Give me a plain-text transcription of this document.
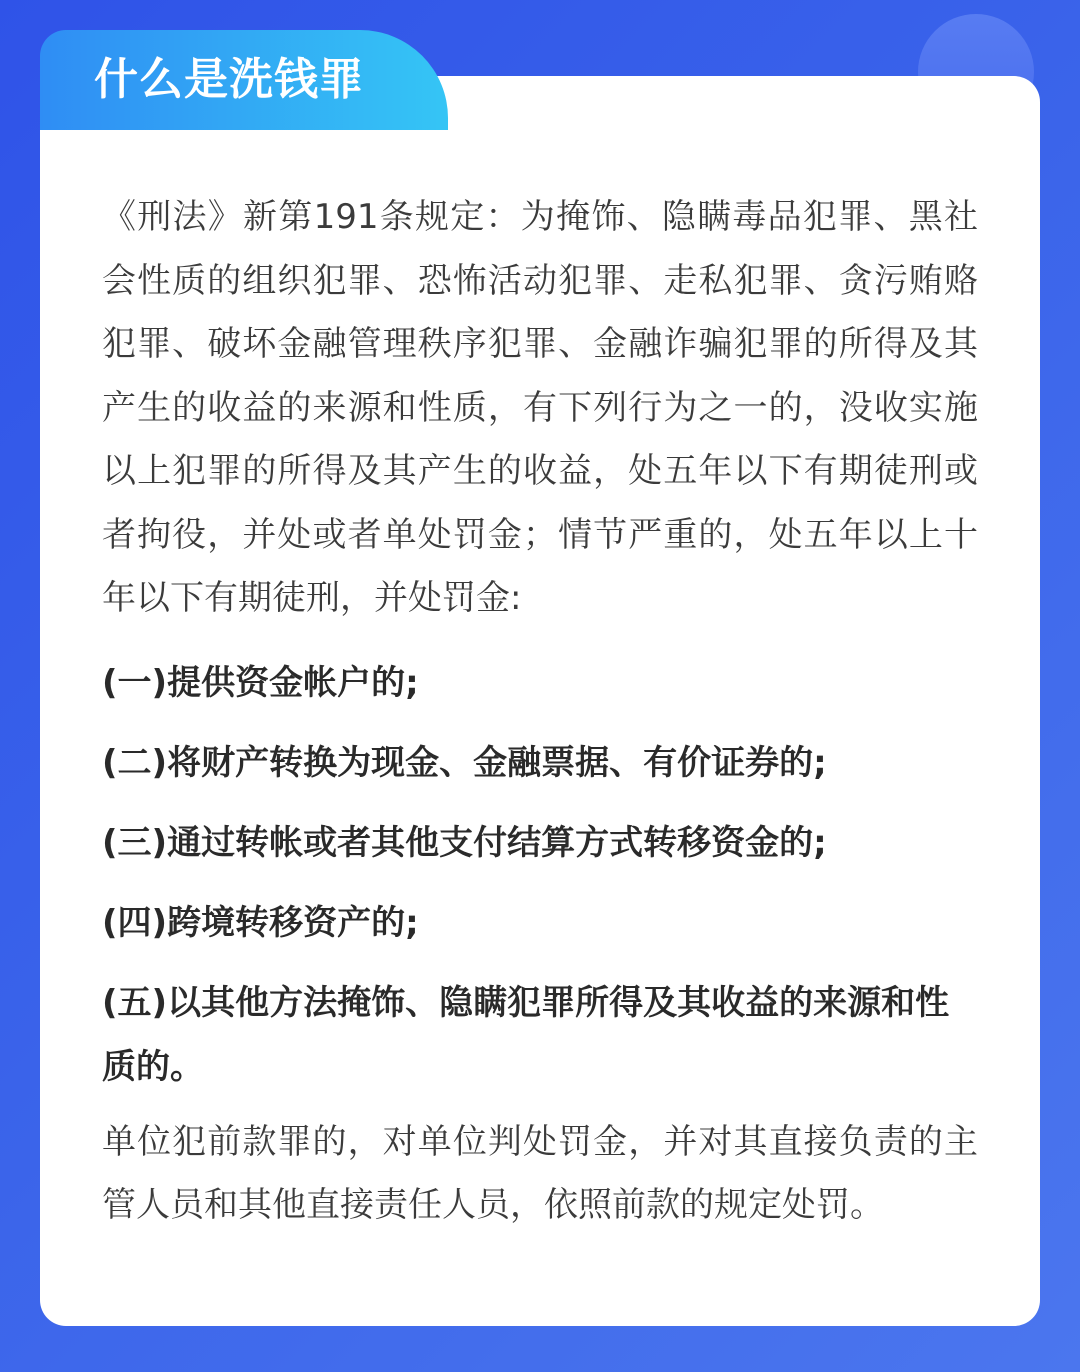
什么是洗钱罪

《刑法》新第191条规定：为掩饰、隐瞒毒品犯罪、黑社会性质的组织犯罪、恐怖活动犯罪、走私犯罪、贪污贿赂犯罪、破坏金融管理秩序犯罪、金融诈骗犯罪的所得及其产生的收益的来源和性质，有下列行为之一的，没收实施以上犯罪的所得及其产生的收益，处五年以下有期徒刑或者拘役，并处或者单处罚金；情节严重的，处五年以上十年以下有期徒刑，并处罚金:

(一)提供资金帐户的;

(二)将财产转换为现金、金融票据、有价证券的;

(三)通过转帐或者其他支付结算方式转移资金的;

(四)跨境转移资产的;

(五)以其他方法掩饰、隐瞒犯罪所得及其收益的来源和性质的。

单位犯前款罪的，对单位判处罚金，并对其直接负责的主管人员和其他直接责任人员，依照前款的规定处罚。
